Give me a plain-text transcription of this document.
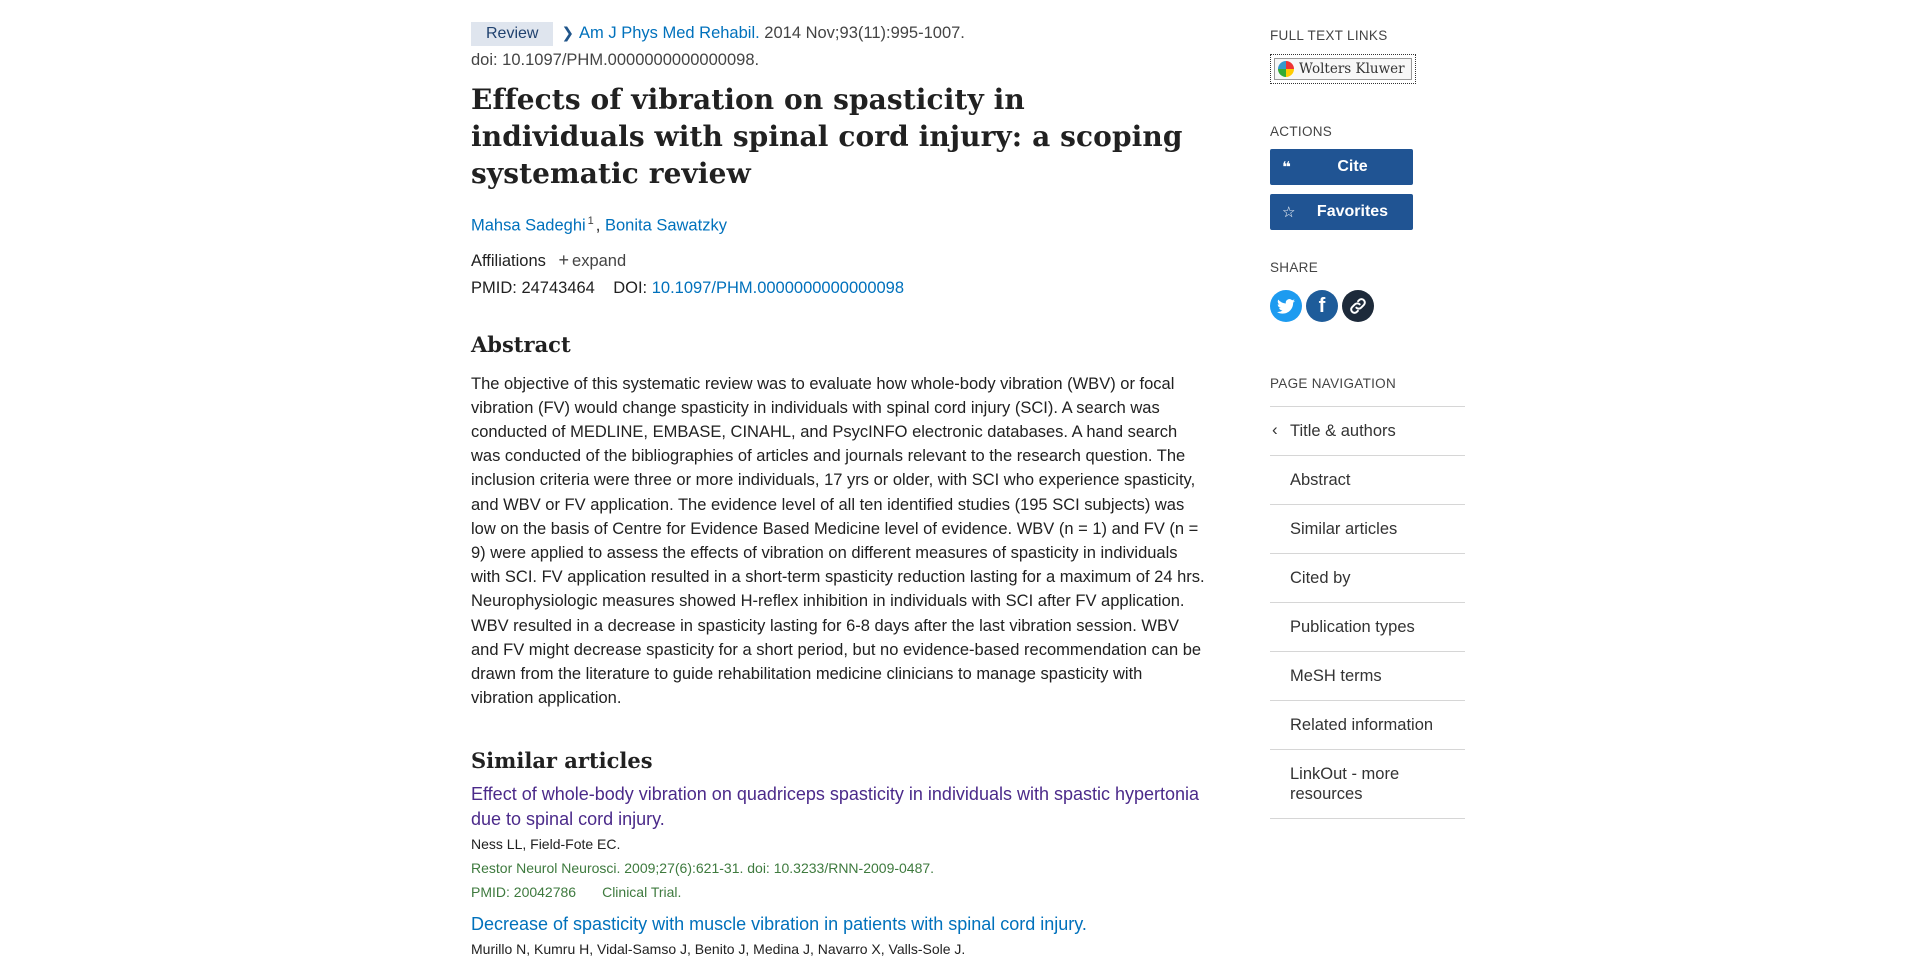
Review ❯ Am J Phys Med Rehabil. 2014 Nov;93(11):995-1007.
doi: 10.1097/PHM.0000000000000098.
Effects of vibration on spasticity in individuals with spinal cord injury: a scoping systematic review
Mahsa Sadeghi $^1$ , Bonita Sawatzky
Affiliations + expand
PMID: 24743464 DOI: 10.1097/PHM.0000000000000098
Abstract
The objective of this systematic review was to evaluate how whole-body vibration (WBV) or focal vibration (FV) would change spasticity in individuals with spinal cord injury (SCI). A search was conducted of MEDLINE, EMBASE, CINAHL, and PsycINFO electronic databases. A hand search was conducted of the bibliographies of articles and journals relevant to the research question. The inclusion criteria were three or more individuals, 17 yrs or older, with SCI who experience spasticity, and WBV or FV application. The evidence level of all ten identified studies (195 SCI subjects) was low on the basis of Centre for Evidence Based Medicine level of evidence. WBV (n = 1) and FV (n = 9) were applied to assess the effects of vibration on different measures of spasticity in individuals with SCI. FV application resulted in a short-term spasticity reduction lasting for a maximum of 24 hrs. Neurophysiologic measures showed H-reflex inhibition in individuals with SCI after FV application. WBV resulted in a decrease in spasticity lasting for 6-8 days after the last vibration session. WBV and FV might decrease spasticity for a short period, but no evidence-based recommendation can be drawn from the literature to guide rehabilitation medicine clinicians to manage spasticity with vibration application.
Similar articles
Effect of whole-body vibration on quadriceps spasticity in individuals with spastic hypertonia due to spinal cord injury.
Ness LL, Field-Fote EC.
Restor Neurol Neurosci. 2009;27(6):621-31. doi: 10.3233/RNN-2009-0487.
PMID: 20042786 Clinical Trial.
Decrease of spasticity with muscle vibration in patients with spinal cord injury.
Murillo N, Kumru H, Vidal-Samso J, Benito J, Medina J, Navarro X, Valls-Sole J.
FULL TEXT LINKS
Wolters Kluwer
ACTIONS
❝	Cite
☆	Favorites
SHARE
f
PAGE NAVIGATION
‹ Title & authors
Abstract
Similar articles
Cited by
Publication types
MeSH terms
Related information
LinkOut - more resources
